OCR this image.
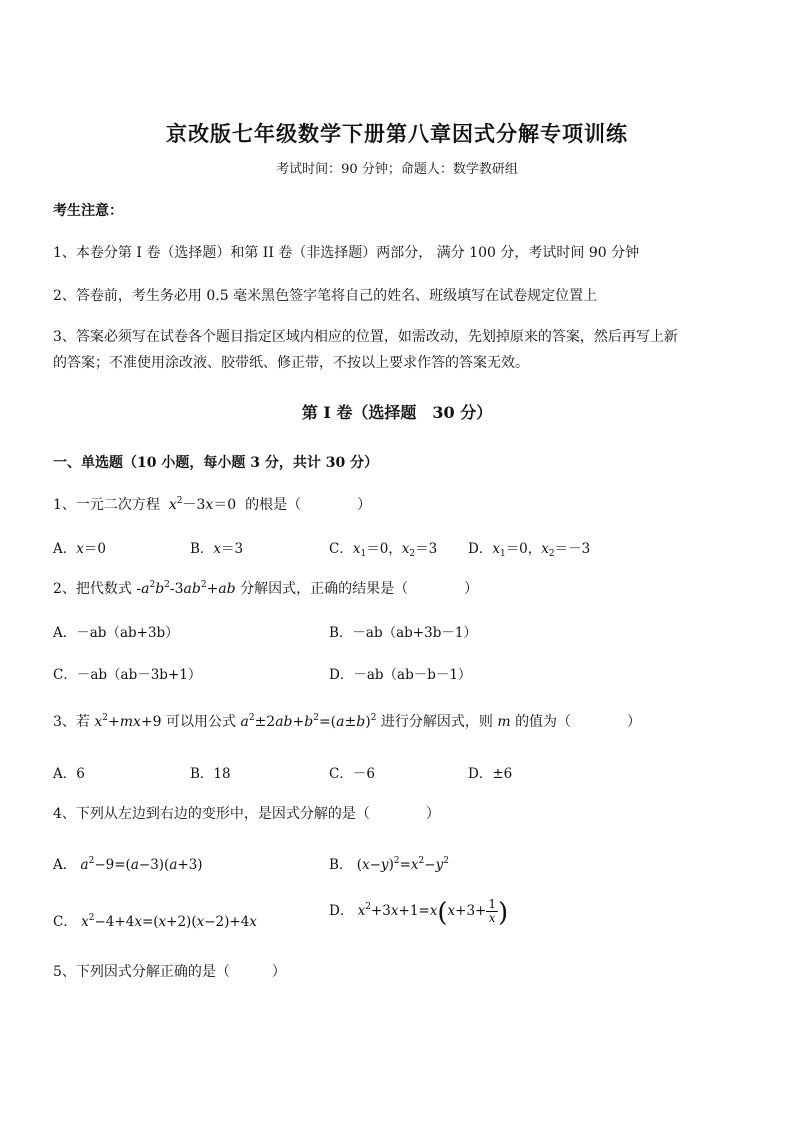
京改版七年级数学下册第八章因式分解专项训练
考试时间：90 分钟；命题人：数学教研组
考生注意：
1、本卷分第 I 卷（选择题）和第 II 卷（非选择题）两部分， 满分 100 分，考试时间 90 分钟
2、答卷前，考生务必用 0.5 毫米黑色签字笔将自己的姓名、班级填写在试卷规定位置上
3、答案必须写在试卷各个题目指定区域内相应的位置，如需改动，先划掉原来的答案，然后再写上新
的答案；不准使用涂改液、胶带纸、修正带，不按以上要求作答的答案无效。
第 I 卷（选择题　30 分）
一、单选题（10 小题，每小题 3 分，共计 30 分）
1、一元二次方程 $x^2-3x=0$  的根是（　　　　）
A．x＝0	B．x＝3	C．$x_1=0$，$x_2=3$ D．$x_1=0$，$x_2=-3$
2、把代数式 $-a^2b^2-3ab^2+ab$ 分解因式，正确的结果是（　　　　）
A．－ab（ab+3b）	B．－ab（ab+3b－1）
C．－ab（ab－3b+1）	D．－ab（ab－b－1）
3、若 $x^2+mx+9$ 可以用公式 $a^2\pm 2ab+b^2=(a\pm b)^2$ 进行分解因式，则 m 的值为（　　　　）
A．6	B．18	C．－6	D．±6
4、下列从左边到右边的变形中，是因式分解的是（　　　　）
A． $a^2-9=(a-3)(a+3)$	B． $(x-y)^2=x^2-y^2$
C． $x^2-4+4x=(x+2)(x-2)+4x$
D． $x^2+3x+1=x(x+3+ \frac{1}{x}$ )
5、下列因式分解正确的是（　　　）
